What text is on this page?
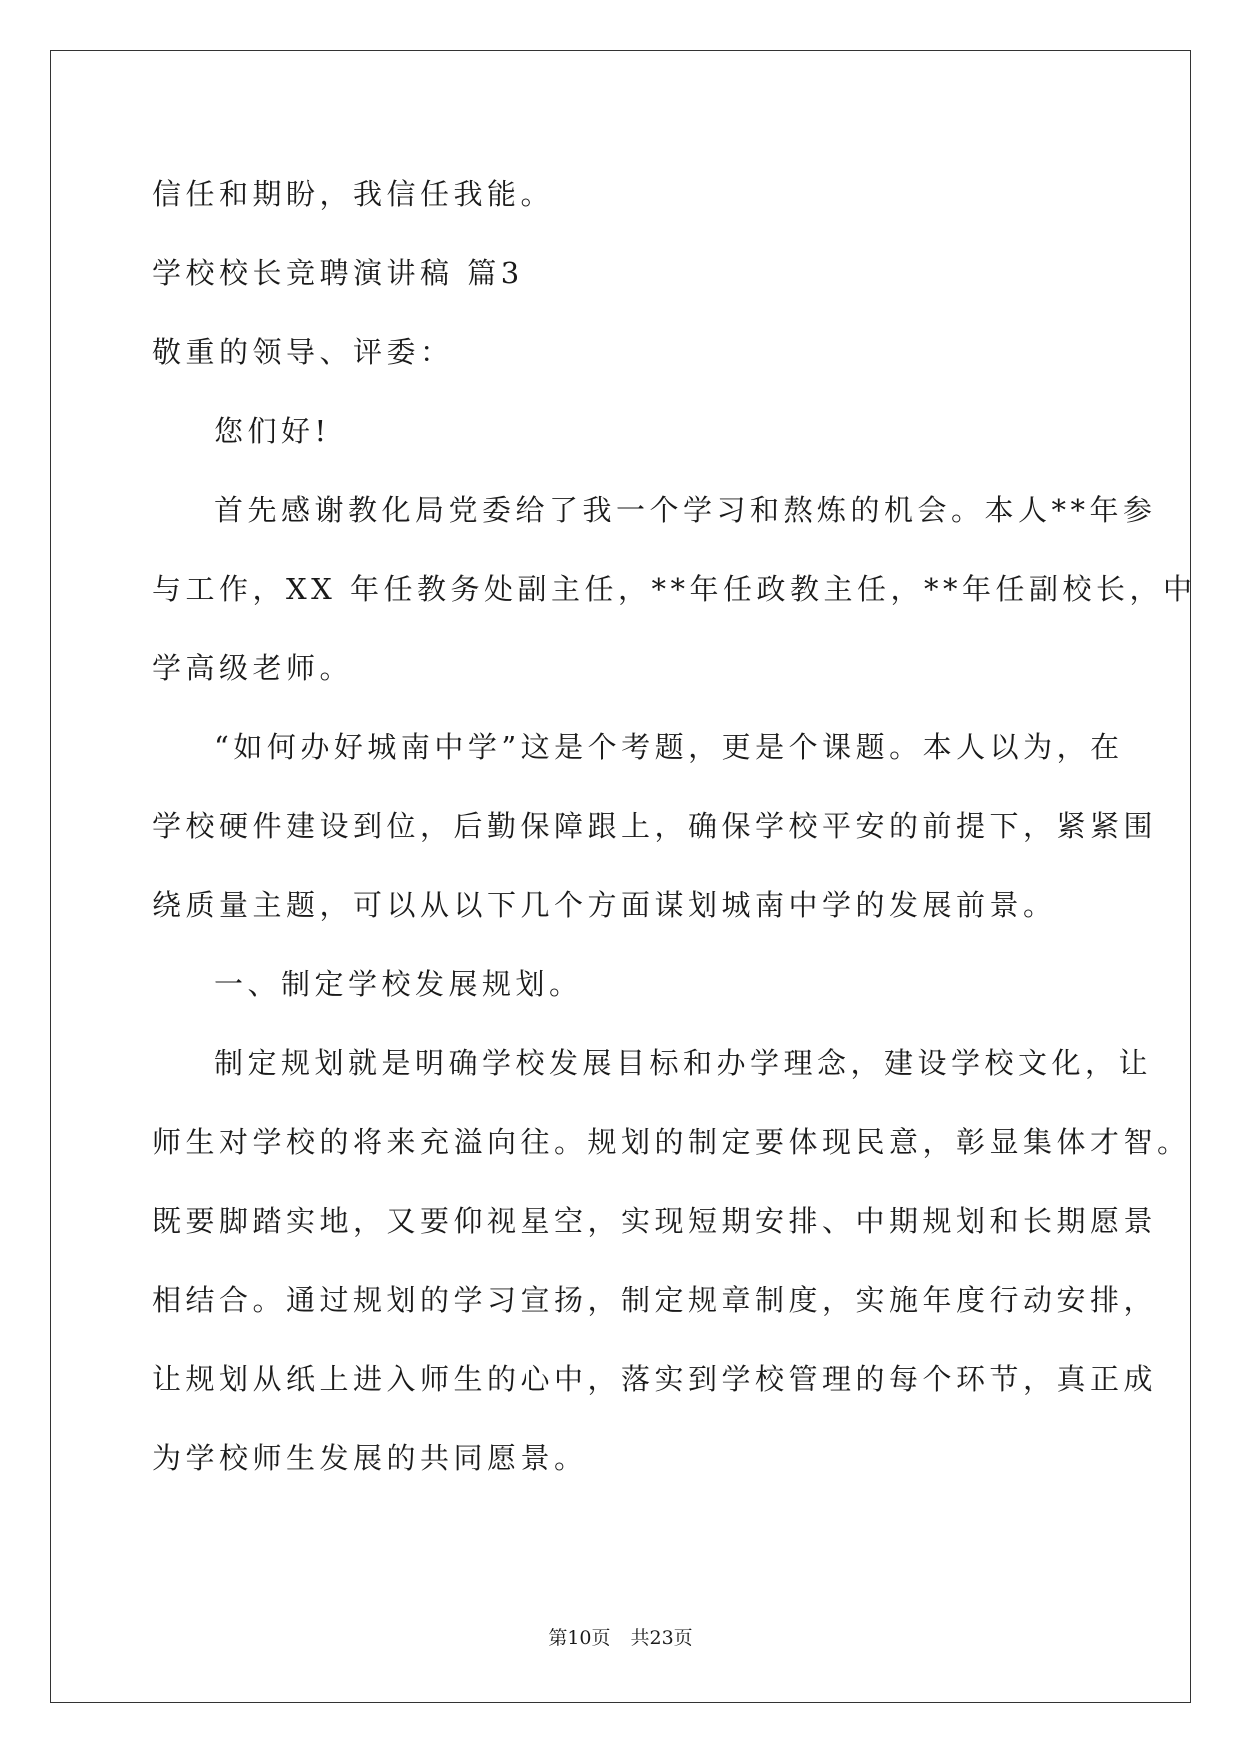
信任和期盼，我信任我能。
学校校长竞聘演讲稿 篇3
敬重的领导、评委：
您们好!
首先感谢教化局党委给了我一个学习和熬炼的机会。本人**年参
与工作，XX 年任教务处副主任，**年任政教主任，**年任副校长，中
学高级老师。
“如何办好城南中学”这是个考题，更是个课题。本人以为，在
学校硬件建设到位，后勤保障跟上，确保学校平安的前提下，紧紧围
绕质量主题，可以从以下几个方面谋划城南中学的发展前景。
一、制定学校发展规划。
制定规划就是明确学校发展目标和办学理念，建设学校文化，让
师生对学校的将来充溢向往。规划的制定要体现民意，彰显集体才智。
既要脚踏实地，又要仰视星空，实现短期安排、中期规划和长期愿景
相结合。通过规划的学习宣扬，制定规章制度，实施年度行动安排，
让规划从纸上进入师生的心中，落实到学校管理的每个环节，真正成
为学校师生发展的共同愿景。
第10页 共23页
